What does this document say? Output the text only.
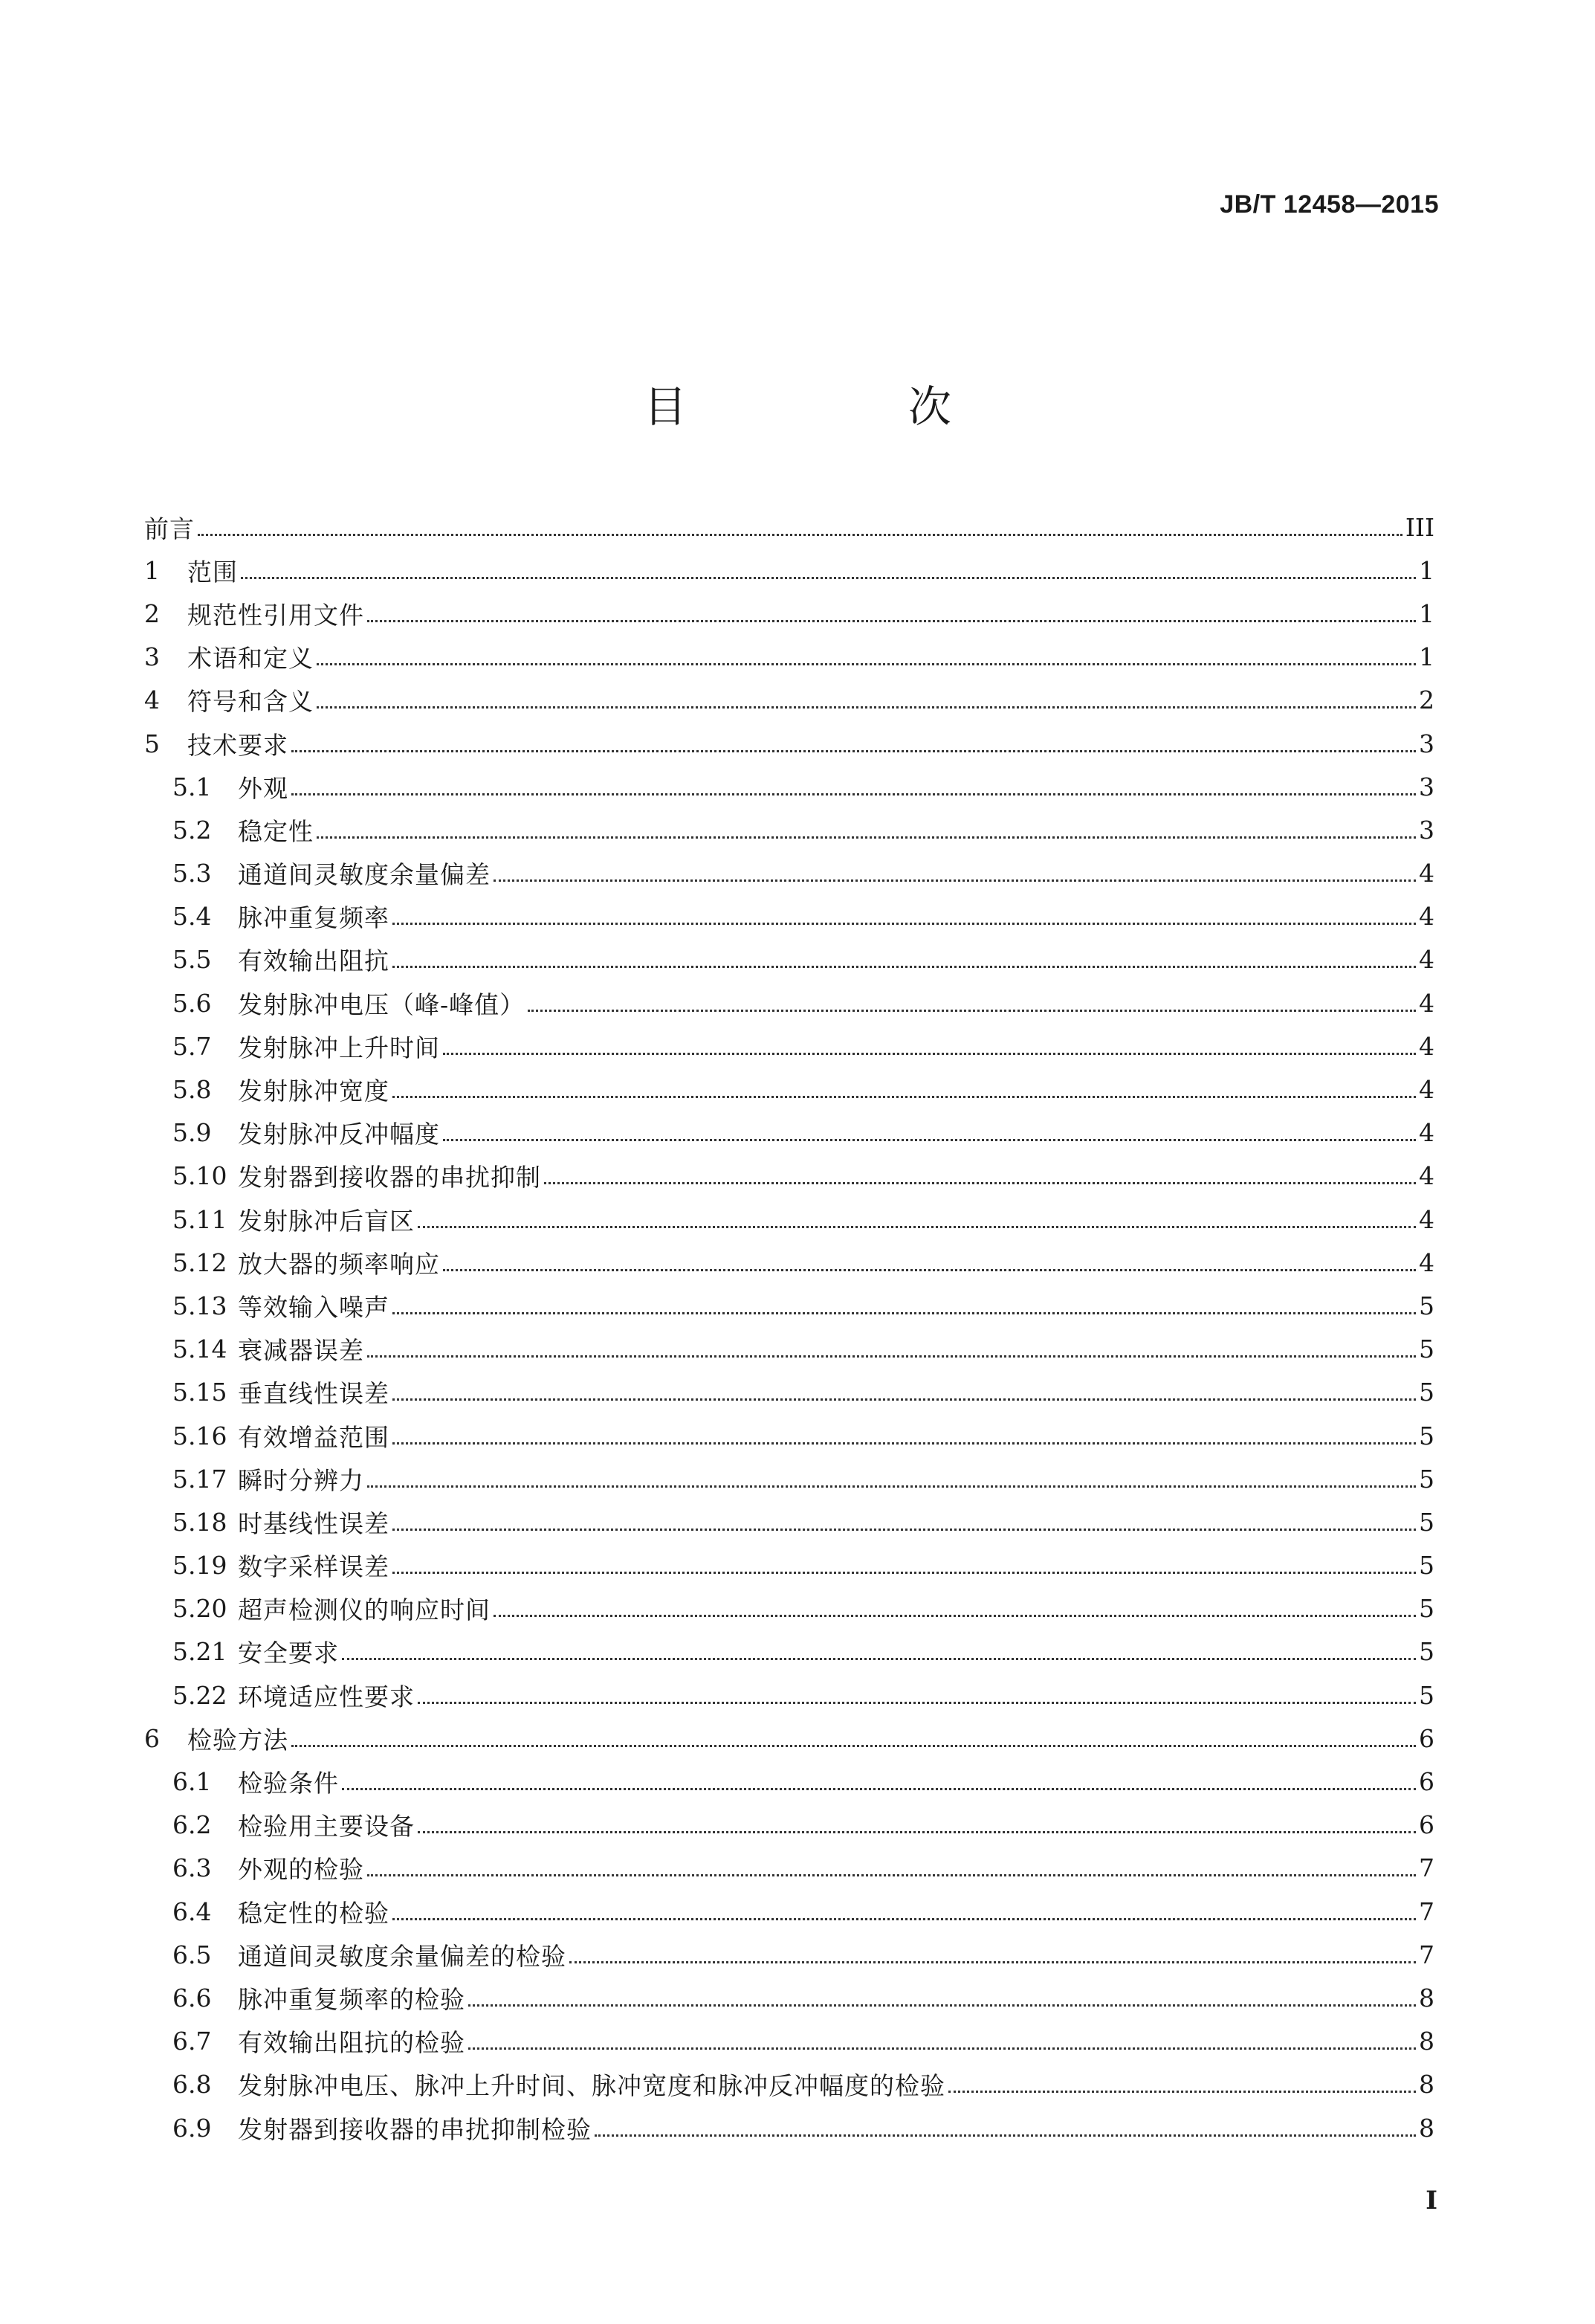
JB/T 12458—2015
目　次
前言	III
1	范围	1
2	规范性引用文件	1
3	术语和定义	1
4	符号和含义	2
5	技术要求	3
5.1	外观	3
5.2	稳定性	3
5.3	通道间灵敏度余量偏差	4
5.4	脉冲重复频率	4
5.5	有效输出阻抗	4
5.6	发射脉冲电压（峰-峰值）	4
5.7	发射脉冲上升时间	4
5.8	发射脉冲宽度	4
5.9	发射脉冲反冲幅度	4
5.10 发射器到接收器的串扰抑制	4
5.11 发射脉冲后盲区	4
5.12 放大器的频率响应	4
5.13 等效输入噪声	5
5.14 衰减器误差	5
5.15 垂直线性误差	5
5.16 有效增益范围	5
5.17 瞬时分辨力	5
5.18 时基线性误差	5
5.19 数字采样误差	5
5.20 超声检测仪的响应时间	5
5.21 安全要求	5
5.22 环境适应性要求	5
6	检验方法	6
6.1	检验条件	6
6.2	检验用主要设备	6
6.3	外观的检验	7
6.4	稳定性的检验	7
6.5	通道间灵敏度余量偏差的检验	7
6.6	脉冲重复频率的检验	8
6.7	有效输出阻抗的检验	8
6.8	发射脉冲电压、脉冲上升时间、脉冲宽度和脉冲反冲幅度的检验	8
6.9	发射器到接收器的串扰抑制检验	8
I
